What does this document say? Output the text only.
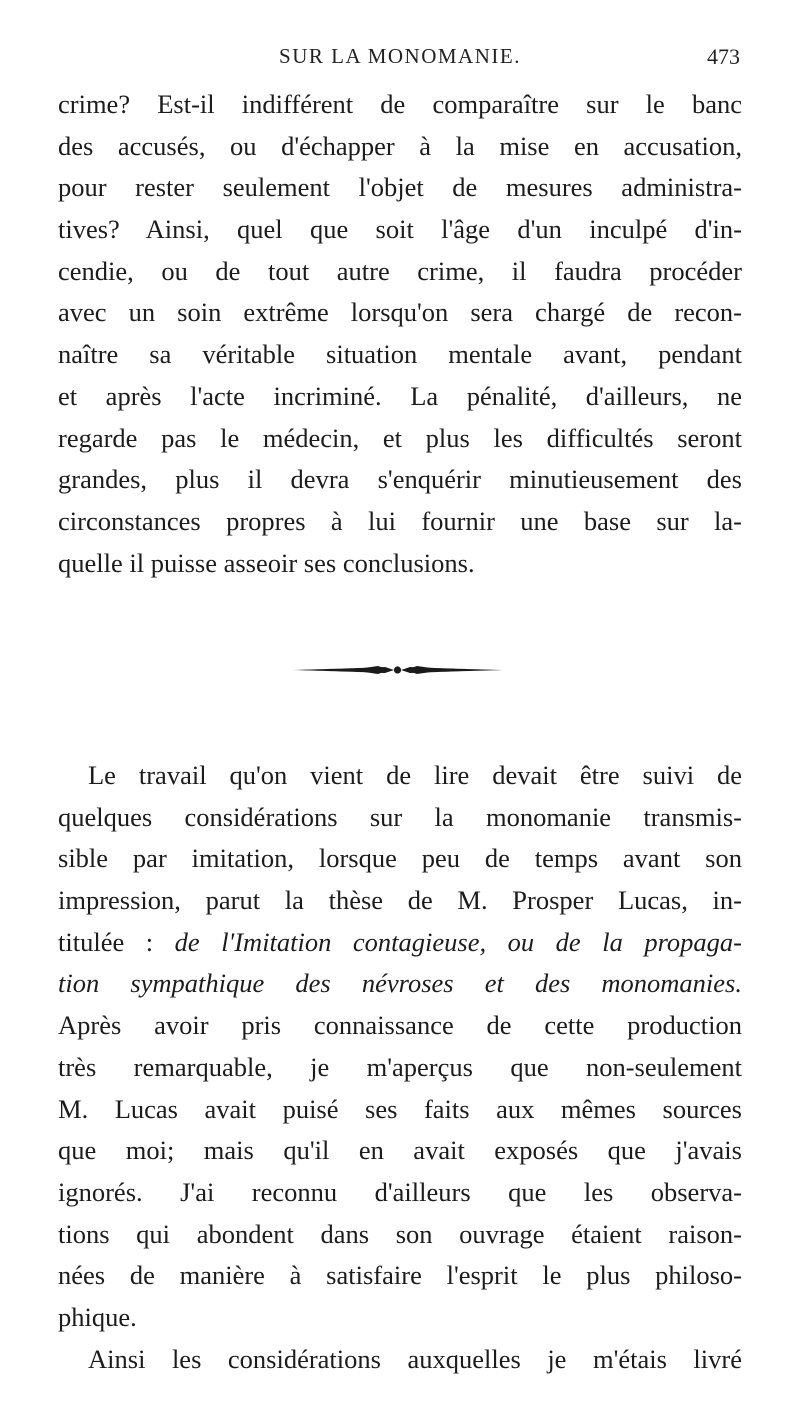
SUR LA MONOMANIE.	473
crime? Est-il indifférent de comparaître sur le banc
des accusés, ou d'échapper à la mise en accusation,
pour rester seulement l'objet de mesures administra-
tives? Ainsi, quel que soit l'âge d'un inculpé d'in-
cendie, ou de tout autre crime, il faudra procéder
avec un soin extrême lorsqu'on sera chargé de recon-
naître sa véritable situation mentale avant, pendant
et après l'acte incriminé. La pénalité, d'ailleurs, ne
regarde pas le médecin, et plus les difficultés seront
grandes, plus il devra s'enquérir minutieusement des
circonstances propres à lui fournir une base sur la-
quelle il puisse asseoir ses conclusions.
Le travail qu'on vient de lire devait être suivi de
quelques considérations sur la monomanie transmis-
sible par imitation, lorsque peu de temps avant son
impression, parut la thèse de M. Prosper Lucas, in-
titulée : de l'Imitation contagieuse, ou de la propaga-
tion sympathique des névroses et des monomanies.
Après avoir pris connaissance de cette production
très remarquable, je m'aperçus que non-seulement
M. Lucas avait puisé ses faits aux mêmes sources
que moi; mais qu'il en avait exposés que j'avais
ignorés. J'ai reconnu d'ailleurs que les observa-
tions qui abondent dans son ouvrage étaient raison-
nées de manière à satisfaire l'esprit le plus philoso-
phique.
Ainsi les considérations auxquelles je m'étais livré
